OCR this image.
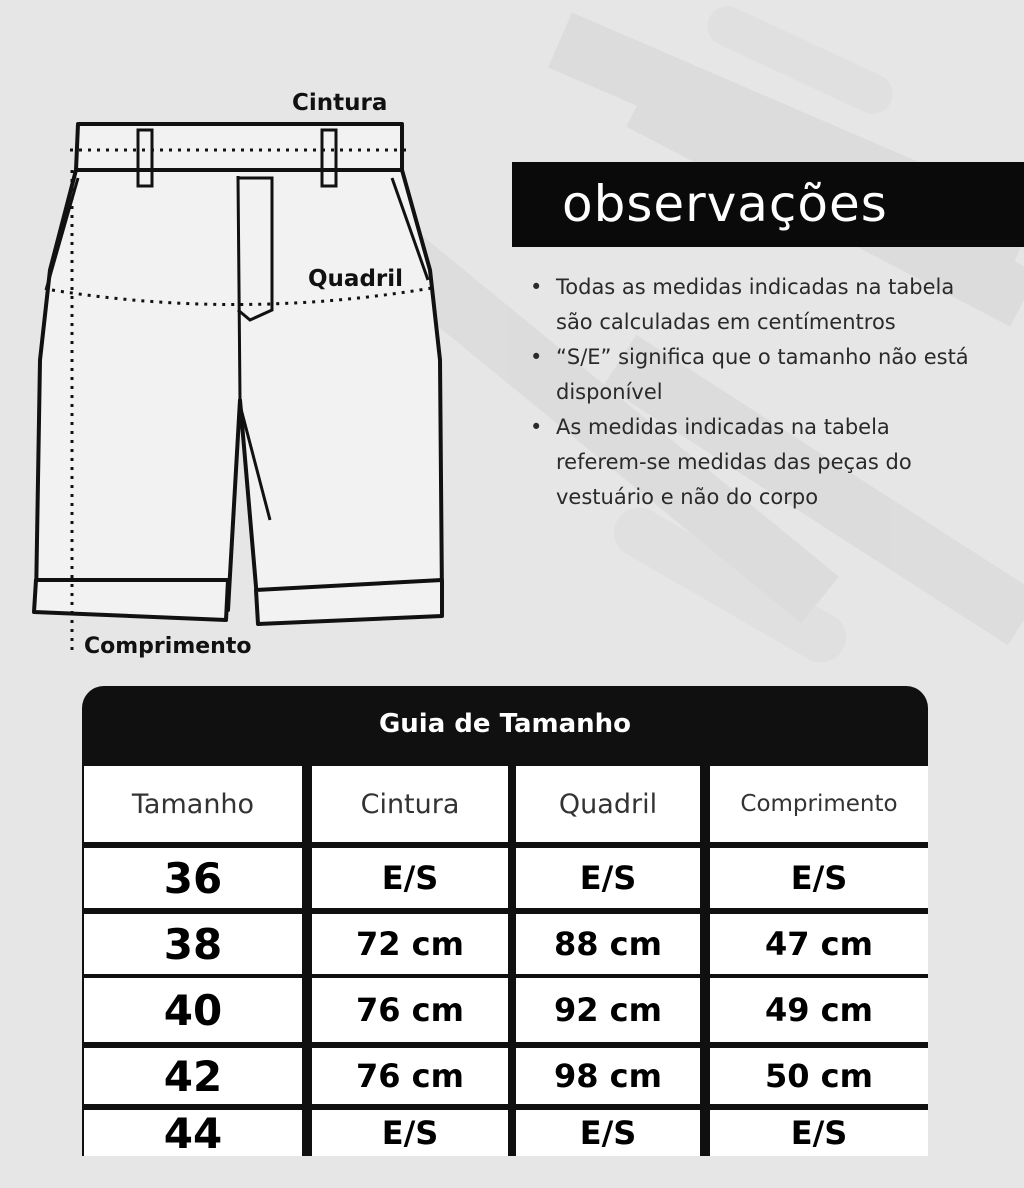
Cintura
Quadril
Comprimento
observações
• Todas as medidas indicadas na tabela são calculadas em centímentros
• “S/E” significa que o tamanho não está disponível
• As medidas indicadas na tabela referem-se medidas das peças do vestuário e não do corpo
Guia de Tamanho
Tamanho	Cintura	Quadril	Comprimento
36	E/S	E/S	E/S
38	72 cm	88 cm	47 cm
40	76 cm	92 cm	49 cm
42	76 cm	98 cm	50 cm
44	E/S	E/S	E/S
